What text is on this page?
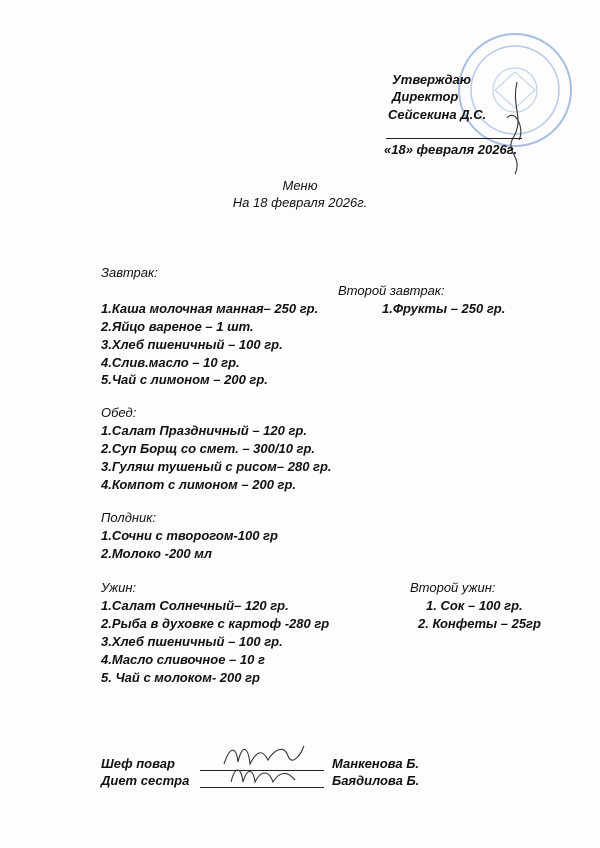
Утверждаю
Директор
Сейсекина Д.С.
«18» февраля 2026г.
Меню
На 18 февраля 2026г.
Завтрак:
Второй завтрак:
1.Каша молочная манная– 250 гр.	1.Фрукты – 250 гр.
2.Яйцо вареное – 1 шт.
3.Хлеб пшеничный – 100 гр.
4.Слив.масло – 10 гр.
5.Чай с лимоном – 200 гр.
Обед:
1.Салат Праздничный – 120 гр.
2.Суп Борщ со смет. – 300/10 гр.
3.Гуляш тушеный с рисом– 280 гр.
4.Компот с лимоном – 200 гр.
Полдник:
1.Сочни с творогом-100 гр
2.Молоко -200 мл
Ужин:	Второй ужин:
1.Салат Солнечный– 120 гр.	1. Сок – 100 гр.
2.Рыба в духовке с картоф -280 гр	2. Конфеты – 25гр
3.Хлеб пшеничный – 100 гр.
4.Масло сливочное – 10 г
5. Чай с молоком- 200 гр
Шеф повар	Манкенова Б.
Диет сестра	Баядилова Б.
